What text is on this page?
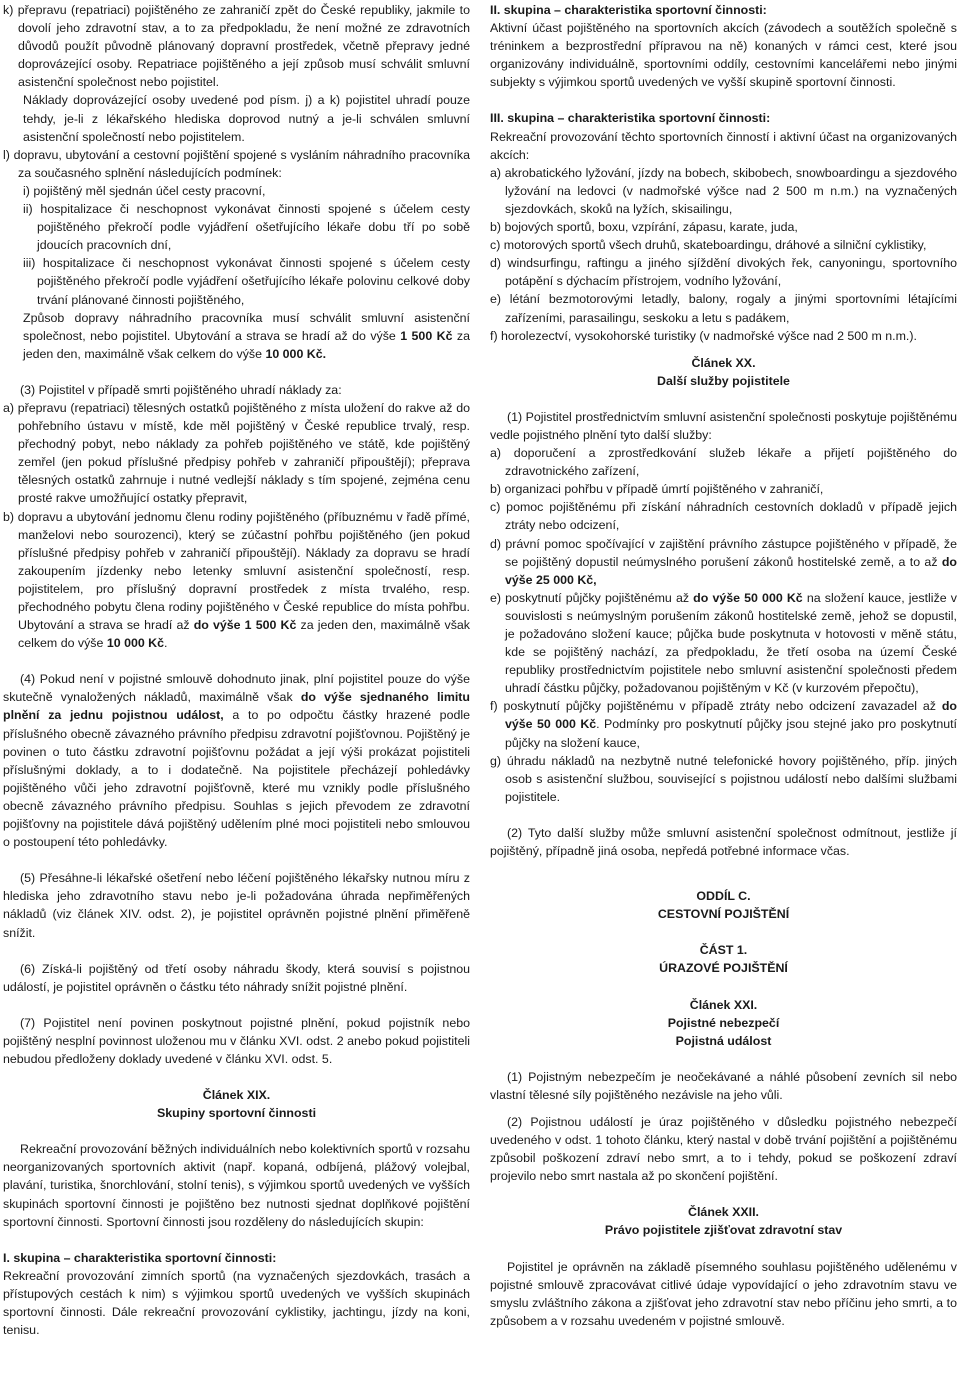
k) přepravu (repatriaci) pojištěného ze zahraničí zpět do České republiky, jakmile to dovolí jeho zdravotní stav, a to za předpokladu, že není možné ze zdravotních důvodů použít původně plánovaný dopravní prostředek, včetně přepravy jedné doprovázející osoby. Repatriace pojištěného a její způsob musí schválit smluvní asistenční společnost nebo pojistitel.

Náklady doprovázející osoby uvedené pod písm. j) a k) pojistitel uhradí pouze tehdy, je-li z lékařského hlediska doprovod nutný a je-li schválen smluvní asistenční společností nebo pojistitelem.

l) dopravu, ubytování a cestovní pojištění spojené s vysláním náhradního pracovníka za současného splnění následujících podmínek:

i) pojištěný měl sjednán účel cesty pracovní,

ii) hospitalizace či neschopnost vykonávat činnosti spojené s účelem cesty pojištěného překročí podle vyjádření ošetřujícího lékaře dobu tří po sobě jdoucích pracovních dní,

iii) hospitalizace či neschopnost vykonávat činnosti spojené s účelem cesty pojištěného překročí podle vyjádření ošetřujícího lékaře polovinu celkové doby trvání plánované činnosti pojištěného,

Způsob dopravy náhradního pracovníka musí schválit smluvní asistenční společnost, nebo pojistitel. Ubytování a strava se hradí až do výše 1 500 Kč za jeden den, maximálně však celkem do výše 10 000 Kč.

(3) Pojistitel v případě smrti pojištěného uhradí náklady za:

a) přepravu (repatriaci) tělesných ostatků pojištěného z místa uložení do rakve až do pohřebního ústavu v místě, kde měl pojištěný v České republice trvalý, resp. přechodný pobyt, nebo náklady za pohřeb pojištěného ve státě, kde pojištěný zemřel (jen pokud příslušné předpisy pohřeb v zahraničí připouštějí); přeprava tělesných ostatků zahrnuje i nutné vedlejší náklady s tím spojené, zejména cenu prosté rakve umožňující ostatky přepravit,

b) dopravu a ubytování jednomu členu rodiny pojištěného (příbuznému v řadě přímé, manželovi nebo sourozenci), který se zúčastní pohřbu pojištěného (jen pokud příslušné předpisy pohřeb v zahraničí připouštějí). Náklady za dopravu se hradí zakoupením jízdenky nebo letenky smluvní asistenční společností, resp. pojistitelem, pro příslušný dopravní prostředek z místa trvalého, resp. přechodného pobytu člena rodiny pojištěného v České republice do místa pohřbu. Ubytování a strava se hradí až do výše 1 500 Kč za jeden den, maximálně však celkem do výše 10 000 Kč.

(4) Pokud není v pojistné smlouvě dohodnuto jinak, plní pojistitel pouze do výše skutečně vynaložených nákladů, maximálně však do výše sjednaného limitu plnění za jednu pojistnou událost, a to po odpočtu částky hrazené podle příslušného obecně závazného právního předpisu zdravotní pojišťovnou. Pojištěný je povinen o tuto částku zdravotní pojišťovnu požádat a její výši prokázat pojistiteli příslušnými doklady, a to i dodatečně. Na pojistitele přecházejí pohledávky pojištěného vůči jeho zdravotní pojišťovně, které mu vznikly podle příslušného obecně závazného právního předpisu. Souhlas s jejich převodem ze zdravotní pojišťovny na pojistitele dává pojištěný udělením plné moci pojistiteli nebo smlouvou o postoupení této pohledávky.

(5) Přesáhne-li lékařské ošetření nebo léčení pojištěného lékařsky nutnou míru z hlediska jeho zdravotního stavu nebo je-li požadována úhrada nepřiměřených nákladů (viz článek XIV. odst. 2), je pojistitel oprávněn pojistné plnění přiměřeně snížit.

(6) Získá-li pojištěný od třetí osoby náhradu škody, která souvisí s pojistnou událostí, je pojistitel oprávněn o částku této náhrady snížit pojistné plnění.

(7) Pojistitel není povinen poskytnout pojistné plnění, pokud pojistník nebo pojištěný nesplní povinnost uloženou mu v článku XVI. odst. 2 anebo pokud pojistiteli nebudou předloženy doklady uvedené v článku XVI. odst. 5.

Článek XIX.

Skupiny sportovní činnosti

Rekreační provozování běžných individuálních nebo kolektivních sportů v rozsahu neorganizovaných sportovních aktivit (např. kopaná, odbíjená, plážový volejbal, plavání, turistika, šnorchlování, stolní tenis), s výjimkou sportů uvedených ve vyšších skupinách sportovní činnosti je pojištěno bez nutnosti sjednat doplňkové pojištění sportovní činnosti. Sportovní činnosti jsou rozděleny do následujících skupin:

I. skupina – charakteristika sportovní činnosti:

Rekreační provozování zimních sportů (na vyznačených sjezdovkách, trasách a přístupových cestách k nim) s výjimkou sportů uvedených ve vyšších skupinách sportovní činnosti. Dále rekreační provozování cyklistiky, jachtingu, jízdy na koni, tenisu.

II. skupina – charakteristika sportovní činnosti:

Aktivní účast pojištěného na sportovních akcích (závodech a soutěžích společně s tréninkem a bezprostřední přípravou na ně) konaných v rámci cest, které jsou organizovány individuálně, sportovními oddíly, cestovními kancelářemi nebo jinými subjekty s výjimkou sportů uvedených ve vyšší skupině sportovní činnosti.

III. skupina – charakteristika sportovní činnosti:

Rekreační provozování těchto sportovních činností i aktivní účast na organizovaných akcích:

a) akrobatického lyžování, jízdy na bobech, skibobech, snowboardingu a sjezdového lyžování na ledovci (v nadmořské výšce nad 2 500 m n.m.) na vyznačených sjezdovkách, skoků na lyžích, skisailingu,

b) bojových sportů, boxu, vzpírání, zápasu, karate, juda,

c) motorových sportů všech druhů, skateboardingu, dráhové a silniční cyklistiky,

d) windsurfingu, raftingu a jiného sjíždění divokých řek, canyoningu, sportovního potápění s dýchacím přístrojem, vodního lyžování,

e) létání bezmotorovými letadly, balony, rogaly a jinými sportovními létajícími zařízeními, parasailingu, seskoku a letu s padákem,

f) horolezectví, vysokohorské turistiky (v nadmořské výšce nad 2 500 m n.m.).

Článek XX.

Další služby pojistitele

(1) Pojistitel prostřednictvím smluvní asistenční společnosti poskytuje pojištěnému vedle pojistného plnění tyto další služby:

a) doporučení a zprostředkování služeb lékaře a přijetí pojištěného do zdravotnického zařízení,

b) organizaci pohřbu v případě úmrtí pojištěného v zahraničí,

c) pomoc pojištěnému při získání náhradních cestovních dokladů v případě jejich ztráty nebo odcizení,

d) právní pomoc spočívající v zajištění právního zástupce pojištěného v případě, že se pojištěný dopustil neúmyslného porušení zákonů hostitelské země, a to až do výše 25 000 Kč,

e) poskytnutí půjčky pojištěnému až do výše 50 000 Kč na složení kauce, jestliže v souvislosti s neúmyslným porušením zákonů hostitelské země, jehož se dopustil, je požadováno složení kauce; půjčka bude poskytnuta v hotovosti v měně státu, kde se pojištěný nachází, za předpokladu, že třetí osoba na území České republiky prostřednictvím pojistitele nebo smluvní asistenční společnosti předem uhradí částku půjčky, požadovanou pojištěným v Kč (v kurzovém přepočtu),

f) poskytnutí půjčky pojištěnému v případě ztráty nebo odcizení zavazadel až do výše 50 000 Kč. Podmínky pro poskytnutí půjčky jsou stejné jako pro poskytnutí půjčky na složení kauce,

g) úhradu nákladů na nezbytně nutné telefonické hovory pojištěného, příp. jiných osob s asistenční službou, související s pojistnou událostí nebo dalšími službami pojistitele.

(2) Tyto další služby může smluvní asistenční společnost odmítnout, jestliže jí pojištěný, případně jiná osoba, nepředá potřebné informace včas.

ODDÍL C.

CESTOVNÍ POJIŠTĚNÍ

ČÁST 1.

ÚRAZOVÉ POJIŠTĚNÍ

Článek XXI.

Pojistné nebezpečí

Pojistná událost

(1) Pojistným nebezpečím je neočekávané a náhlé působení zevních sil nebo vlastní tělesné síly pojištěného nezávisle na jeho vůli.

(2) Pojistnou událostí je úraz pojištěného v důsledku pojistného nebezpečí uvedeného v odst. 1 tohoto článku, který nastal v době trvání pojištění a pojištěnému způsobil poškození zdraví nebo smrt, a to i tehdy, pokud se poškození zdraví projevilo nebo smrt nastala až po skončení pojištění.

Článek XXII.

Právo pojistitele zjišťovat zdravotní stav

Pojistitel je oprávněn na základě písemného souhlasu pojištěného udělenému v pojistné smlouvě zpracovávat citlivé údaje vypovídající o jeho zdravotním stavu ve smyslu zvláštního zákona a zjišťovat jeho zdravotní stav nebo příčinu jeho smrti, a to způsobem a v rozsahu uvedeném v pojistné smlouvě.
